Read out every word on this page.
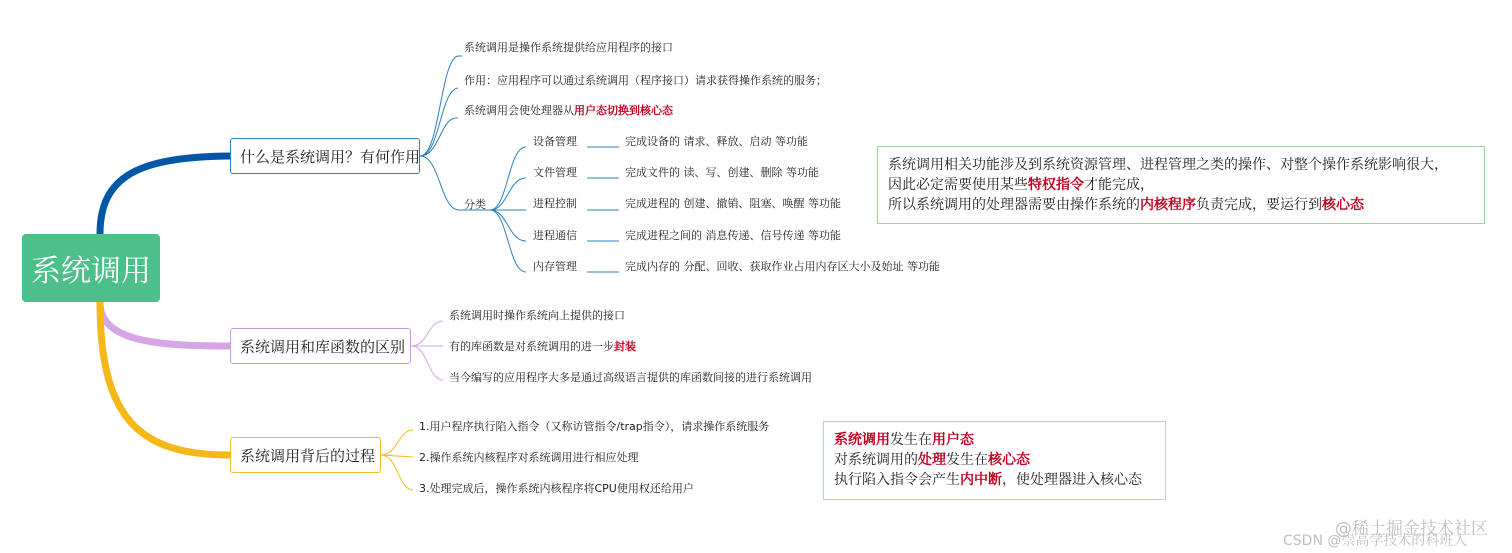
系统调用
什么是系统调用？有何作用
系统调用是操作系统提供给应用程序的接口
作用：应用程序可以通过系统调用（程序接口）请求获得操作系统的服务；
系统调用会使处理器从用户态切换到核心态
分类
设备管理	完成设备的 请求、释放、启动 等功能
文件管理	完成文件的 读、写、创建、删除 等功能
进程控制	完成进程的 创建、撤销、阻塞、唤醒 等功能
进程通信	完成进程之间的 消息传递、信号传递 等功能
内存管理	完成内存的 分配、回收、获取作业占用内存区大小及始址 等功能
系统调用相关功能涉及到系统资源管理、进程管理之类的操作、对整个操作系统影响很大，
因此必定需要使用某些特权指令才能完成，
所以系统调用的处理器需要由操作系统的内核程序负责完成，要运行到核心态
系统调用和库函数的区别
系统调用时操作系统向上提供的接口
有的库函数是对系统调用的进一步封装
当今编写的应用程序大多是通过高级语言提供的库函数间接的进行系统调用
系统调用背后的过程
1.用户程序执行陷入指令（又称访管指令/trap指令），请求操作系统服务
2.操作系统内核程序对系统调用进行相应处理
3.处理完成后，操作系统内核程序将CPU使用权还给用户
系统调用发生在用户态
对系统调用的处理发生在核心态
执行陷入指令会产生内中断，使处理器进入核心态
@稀土掘金技术社区
CSDN @崇高学技术的科班人
